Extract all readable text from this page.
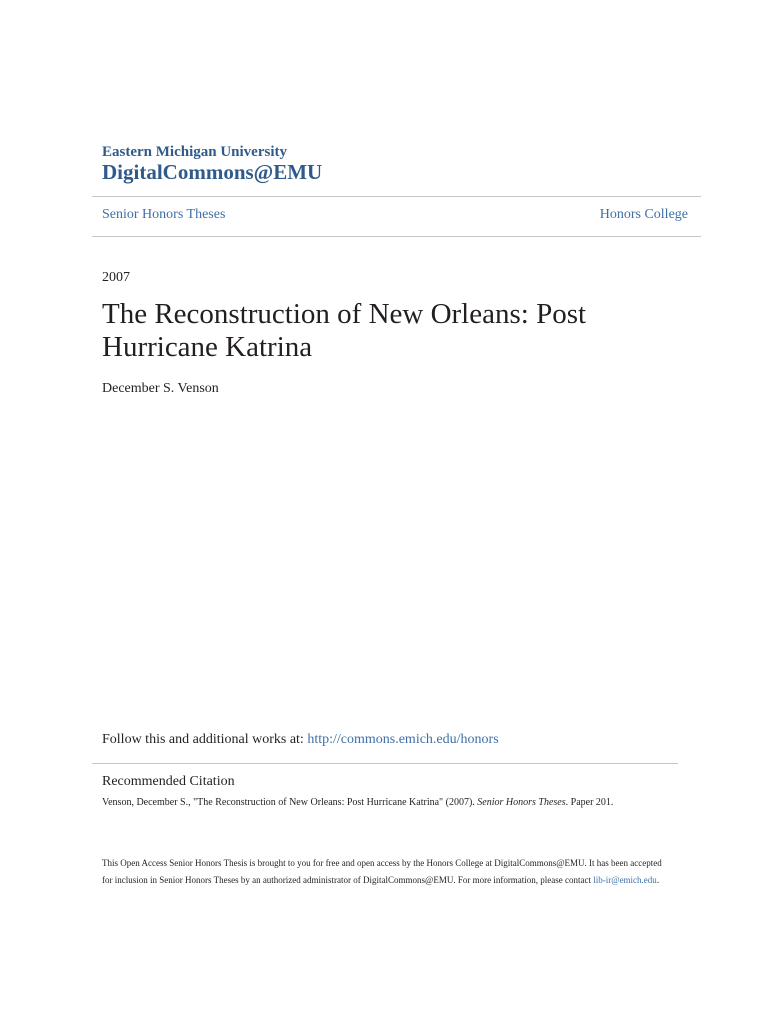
Eastern Michigan University
DigitalCommons@EMU
Senior Honors Theses	Honors College
2007
The Reconstruction of New Orleans: Post Hurricane Katrina
December S. Venson
Follow this and additional works at: http://commons.emich.edu/honors
Recommended Citation
Venson, December S., "The Reconstruction of New Orleans: Post Hurricane Katrina" (2007). Senior Honors Theses. Paper 201.
This Open Access Senior Honors Thesis is brought to you for free and open access by the Honors College at DigitalCommons@EMU. It has been accepted for inclusion in Senior Honors Theses by an authorized administrator of DigitalCommons@EMU. For more information, please contact lib-ir@emich.edu.
